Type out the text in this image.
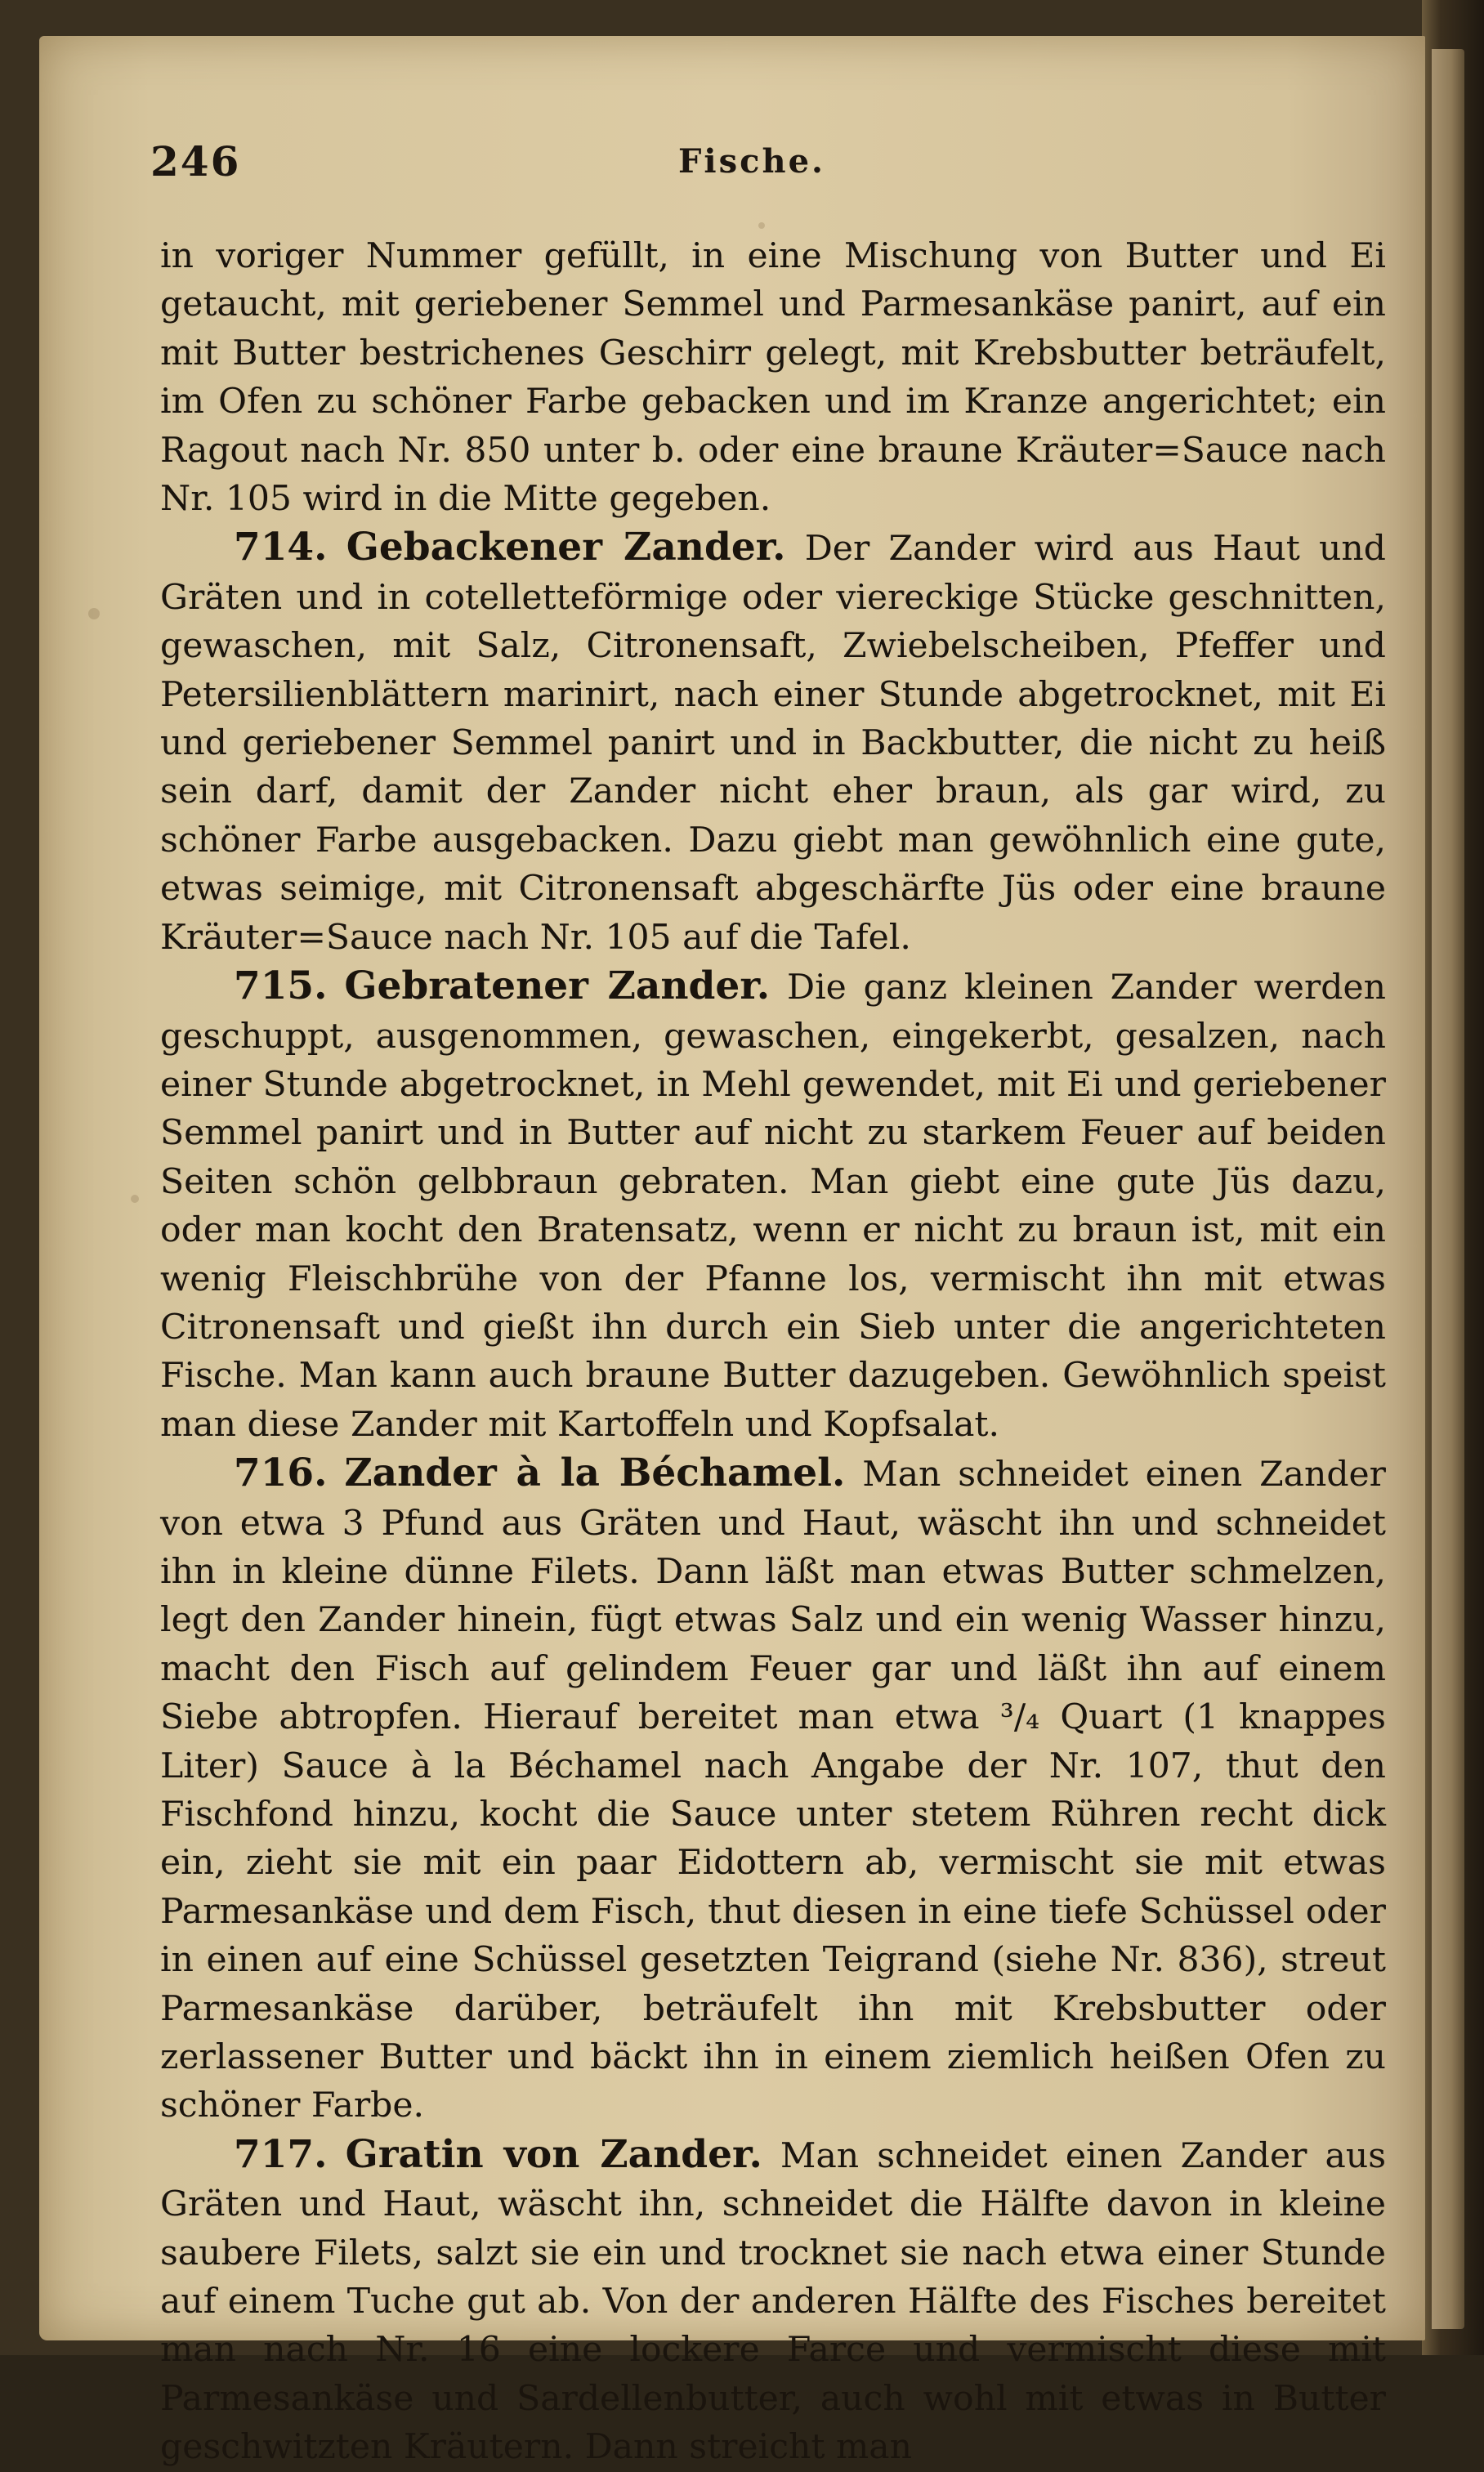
246	Fische.

in voriger Nummer gefüllt, in eine Mischung von Butter und Ei getaucht, mit geriebener Semmel und Parmesankäse panirt, auf ein mit Butter bestrichenes Geschirr gelegt, mit Krebsbutter beträufelt, im Ofen zu schöner Farbe gebacken und im Kranze angerichtet; ein Ragout nach Nr. 850 unter b. oder eine braune Kräuter=Sauce nach Nr. 105 wird in die Mitte gegeben.

714. Gebackener Zander. Der Zander wird aus Haut und Gräten und in cotelletteförmige oder viereckige Stücke geschnitten, gewaschen, mit Salz, Citronensaft, Zwiebelscheiben, Pfeffer und Petersilienblättern marinirt, nach einer Stunde abgetrocknet, mit Ei und geriebener Semmel panirt und in Backbutter, die nicht zu heiß sein darf, damit der Zander nicht eher braun, als gar wird, zu schöner Farbe ausgebacken. Dazu giebt man gewöhnlich eine gute, etwas seimige, mit Citronensaft abgeschärfte Jüs oder eine braune Kräuter=Sauce nach Nr. 105 auf die Tafel.

715. Gebratener Zander. Die ganz kleinen Zander werden geschuppt, ausgenommen, gewaschen, eingekerbt, gesalzen, nach einer Stunde abgetrocknet, in Mehl gewendet, mit Ei und geriebener Semmel panirt und in Butter auf nicht zu starkem Feuer auf beiden Seiten schön gelbbraun gebraten. Man giebt eine gute Jüs dazu, oder man kocht den Bratensatz, wenn er nicht zu braun ist, mit ein wenig Fleischbrühe von der Pfanne los, vermischt ihn mit etwas Citronensaft und gießt ihn durch ein Sieb unter die angerichteten Fische. Man kann auch braune Butter dazugeben. Gewöhnlich speist man diese Zander mit Kartoffeln und Kopfsalat.

716. Zander à la Béchamel. Man schneidet einen Zander von etwa 3 Pfund aus Gräten und Haut, wäscht ihn und schneidet ihn in kleine dünne Filets. Dann läßt man etwas Butter schmelzen, legt den Zander hinein, fügt etwas Salz und ein wenig Wasser hinzu, macht den Fisch auf gelindem Feuer gar und läßt ihn auf einem Siebe abtropfen. Hierauf bereitet man etwa ³/₄ Quart (1 knappes Liter) Sauce à la Béchamel nach Angabe der Nr. 107, thut den Fischfond hinzu, kocht die Sauce unter stetem Rühren recht dick ein, zieht sie mit ein paar Eidottern ab, vermischt sie mit etwas Parmesankäse und dem Fisch, thut diesen in eine tiefe Schüssel oder in einen auf eine Schüssel gesetzten Teigrand (siehe Nr. 836), streut Parmesankäse darüber, beträufelt ihn mit Krebsbutter oder zerlassener Butter und bäckt ihn in einem ziemlich heißen Ofen zu schöner Farbe.

717. Gratin von Zander. Man schneidet einen Zander aus Gräten und Haut, wäscht ihn, schneidet die Hälfte davon in kleine saubere Filets, salzt sie ein und trocknet sie nach etwa einer Stunde auf einem Tuche gut ab. Von der anderen Hälfte des Fisches bereitet man nach Nr. 16 eine lockere Farce und vermischt diese mit Parmesankäse und Sardellenbutter, auch wohl mit etwas in Butter geschwitzten Kräutern. Dann streicht man
